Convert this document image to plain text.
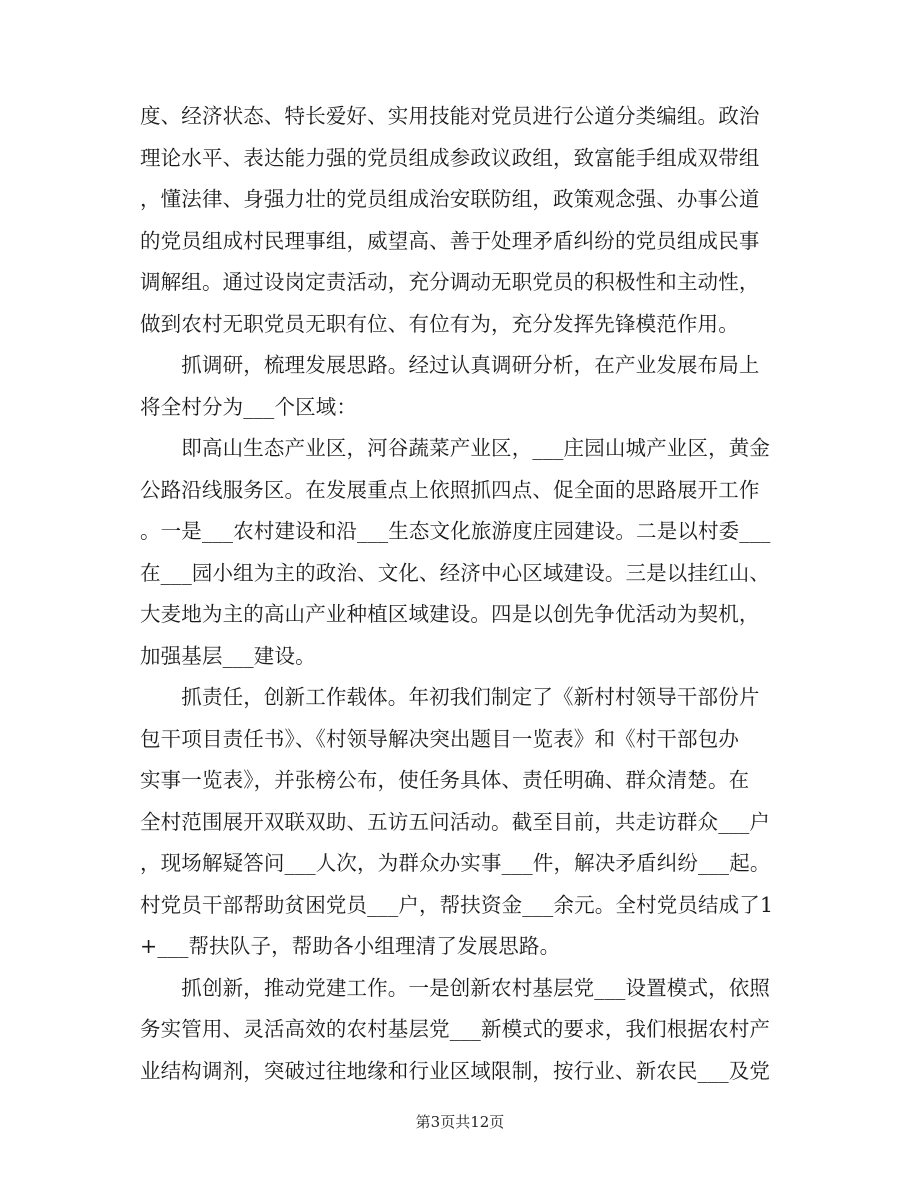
度、经济状态、特长爱好、实用技能对党员进行公道分类编组。政治
理论水平、表达能力强的党员组成参政议政组，致富能手组成双带组
，懂法律、身强力壮的党员组成治安联防组，政策观念强、办事公道
的党员组成村民理事组，威望高、善于处理矛盾纠纷的党员组成民事
调解组。通过设岗定责活动，充分调动无职党员的积极性和主动性，
做到农村无职党员无职有位、有位有为，充分发挥先锋模范作用。
　　抓调研，梳理发展思路。经过认真调研分析，在产业发展布局上
将全村分为___个区域：
　　即高山生态产业区，河谷蔬菜产业区，___庄园山城产业区，黄金
公路沿线服务区。在发展重点上依照抓四点、促全面的思路展开工作
。一是___农村建设和沿___生态文化旅游度庄园建设。二是以村委___
在___园小组为主的政治、文化、经济中心区域建设。三是以挂红山、
大麦地为主的高山产业种植区域建设。四是以创先争优活动为契机，
加强基层___建设。
　　抓责任，创新工作载体。年初我们制定了《新村村领导干部份片
包干项目责任书》、《村领导解决突出题目一览表》和《村干部包办
实事一览表》，并张榜公布，使任务具体、责任明确、群众清楚。在
全村范围展开双联双助、五访五问活动。截至目前，共走访群众___户
，现场解疑答问___人次，为群众办实事___件，解决矛盾纠纷___起。
村党员干部帮助贫困党员___户，帮扶资金___余元。全村党员结成了1
+___帮扶队子，帮助各小组理清了发展思路。
　　抓创新，推动党建工作。一是创新农村基层党___设置模式，依照
务实管用、灵活高效的农村基层党___新模式的要求，我们根据农村产
业结构调剂，突破过往地缘和行业区域限制，按行业、新农民___及党
第3页共12页
